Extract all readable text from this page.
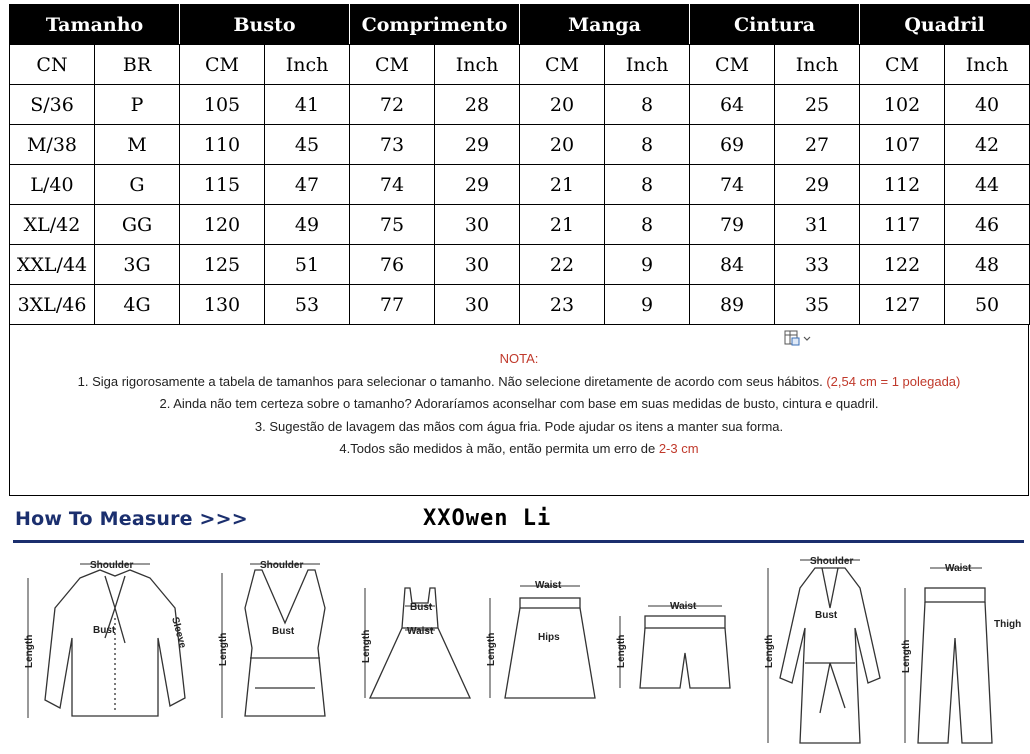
Tamanho		Busto		Comprimento		Manga		Cintura		Quadril	
CN	BR	CM	Inch	CM	Inch	CM	Inch	CM	Inch	CM	Inch
S/36	P	105	41	72	28	20	8	64	25	102	40
M/38	M	110	45	73	29	20	8	69	27	107	42
L/40	G	115	47	74	29	21	8	74	29	112	44
XL/42	GG	120	49	75	30	21	8	79	31	117	46
XXL/44	3G	125	51	76	30	22	9	84	33	122	48
3XL/46	4G	130	53	77	30	23	9	89	35	127	50
NOTA:
1. Siga rigorosamente a tabela de tamanhos para selecionar o tamanho. Não selecione diretamente de acordo com seus hábitos. (2,54 cm = 1 polegada)
2. Ainda não tem certeza sobre o tamanho? Adoraríamos aconselhar com base em suas medidas de busto, cintura e quadril.
3. Sugestão de lavagem das mãos com água fria. Pode ajudar os itens a manter sua forma.
4.Todos são medidos à mão, então permita um erro de 2-3 cm
How To Measure >>>	XXOwen Li
Shoulder
Bust	Sleeve
Length
Shoulder
Bust
Length
Bust
Waist
Length
Waist
Hips
Length
Waist
Length
Shoulder
Bust
Length
Waist
Thigh
Length
